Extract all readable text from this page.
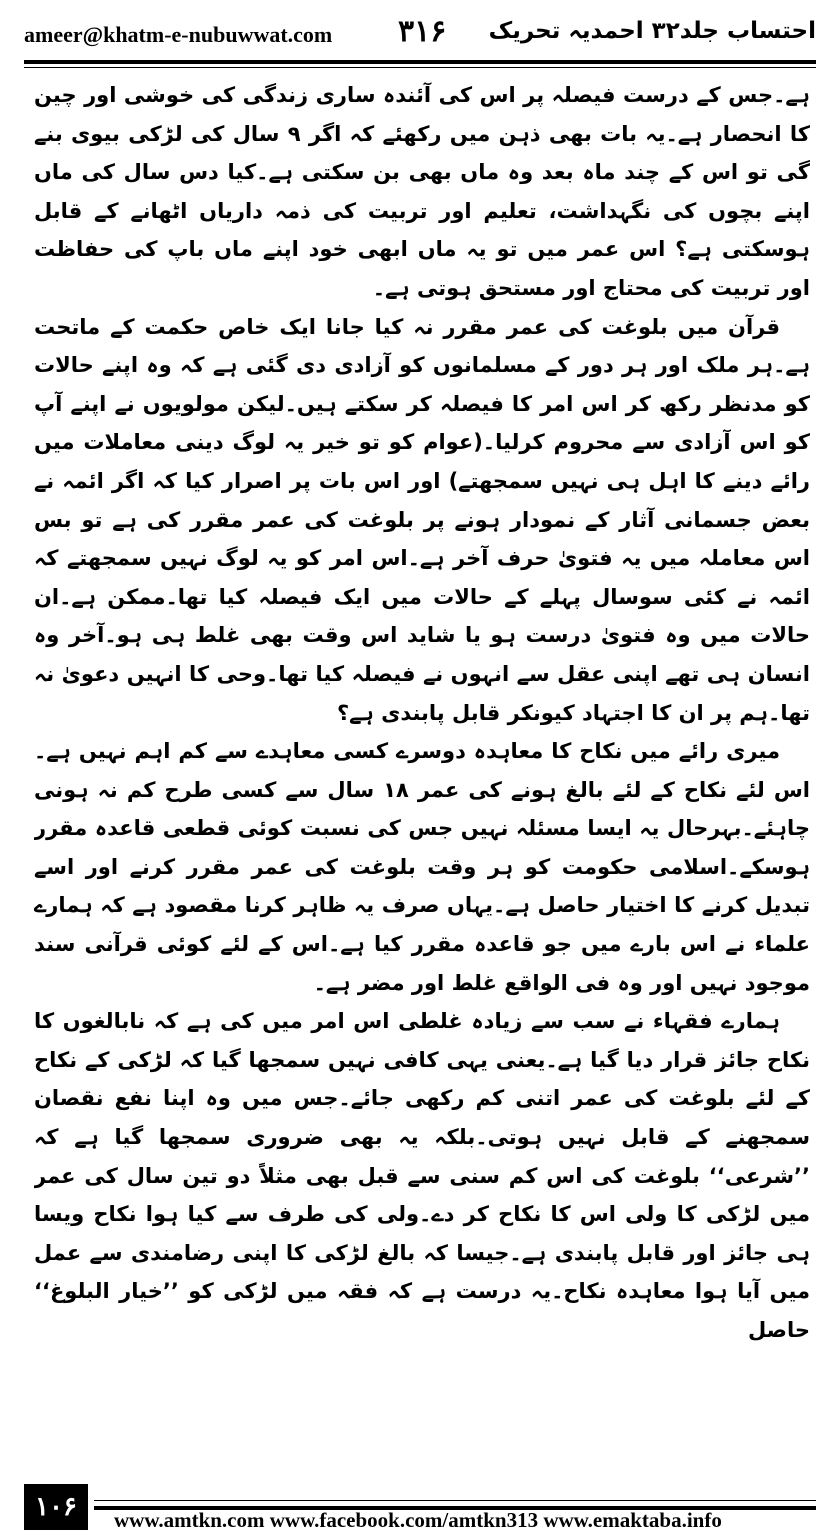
ameer@khatm-e-nubuwwat.com ۳۱۶ احتساب جلد۳۲ احمدیہ تحریک

ہے۔جس کے درست فیصلہ پر اس کی آئندہ ساری زندگی کی خوشی اور چین کا انحصار ہے۔یہ بات بھی ذہن میں رکھئے کہ اگر ۹ سال کی لڑکی بیوی بنے گی تو اس کے چند ماہ بعد وہ ماں بھی بن سکتی ہے۔کیا دس سال کی ماں اپنے بچوں کی نگہداشت، تعلیم اور تربیت کی ذمہ داریاں اٹھانے کے قابل ہوسکتی ہے؟ اس عمر میں تو یہ ماں ابھی خود اپنے ماں باپ کی حفاظت اور تربیت کی محتاج اور مستحق ہوتی ہے۔

قرآن میں بلوغت کی عمر مقرر نہ کیا جانا ایک خاص حکمت کے ماتحت ہے۔ہر ملک اور ہر دور کے مسلمانوں کو آزادی دی گئی ہے کہ وہ اپنے حالات کو مدنظر رکھ کر اس امر کا فیصلہ کر سکتے ہیں۔لیکن مولویوں نے اپنے آپ کو اس آزادی سے محروم کرلیا۔(عوام کو تو خیر یہ لوگ دینی معاملات میں رائے دینے کا اہل ہی نہیں سمجھتے) اور اس بات پر اصرار کیا کہ اگر ائمہ نے بعض جسمانی آثار کے نمودار ہونے پر بلوغت کی عمر مقرر کی ہے تو بس اس معاملہ میں یہ فتویٰ حرف آخر ہے۔اس امر کو یہ لوگ نہیں سمجھتے کہ ائمہ نے کئی سوسال پہلے کے حالات میں ایک فیصلہ کیا تھا۔ممکن ہے۔ان حالات میں وہ فتویٰ درست ہو یا شاید اس وقت بھی غلط ہی ہو۔آخر وہ انسان ہی تھے اپنی عقل سے انہوں نے فیصلہ کیا تھا۔وحی کا انہیں دعویٰ نہ تھا۔ہم پر ان کا اجتہاد کیونکر قابل پابندی ہے؟

میری رائے میں نکاح کا معاہدہ دوسرے کسی معاہدے سے کم اہم نہیں ہے۔اس لئے نکاح کے لئے بالغ ہونے کی عمر ۱۸ سال سے کسی طرح کم نہ ہونی چاہئے۔بہرحال یہ ایسا مسئلہ نہیں جس کی نسبت کوئی قطعی قاعدہ مقرر ہوسکے۔اسلامی حکومت کو ہر وقت بلوغت کی عمر مقرر کرنے اور اسے تبدیل کرنے کا اختیار حاصل ہے۔یہاں صرف یہ ظاہر کرنا مقصود ہے کہ ہمارے علماء نے اس بارے میں جو قاعدہ مقرر کیا ہے۔اس کے لئے کوئی قرآنی سند موجود نہیں اور وہ فی الواقع غلط اور مضر ہے۔

ہمارے فقہاء نے سب سے زیادہ غلطی اس امر میں کی ہے کہ نابالغوں کا نکاح جائز قرار دیا گیا ہے۔یعنی یہی کافی نہیں سمجھا گیا کہ لڑکی کے نکاح کے لئے بلوغت کی عمر اتنی کم رکھی جائے۔جس میں وہ اپنا نفع نقصان سمجھنے کے قابل نہیں ہوتی۔بلکہ یہ بھی ضروری سمجھا گیا ہے کہ ’’شرعی‘‘ بلوغت کی اس کم سنی سے قبل بھی مثلاً دو تین سال کی عمر میں لڑکی کا ولی اس کا نکاح کر دے۔ولی کی طرف سے کیا ہوا نکاح ویسا ہی جائز اور قابل پابندی ہے۔جیسا کہ بالغ لڑکی کا اپنی رضامندی سے عمل میں آیا ہوا معاہدہ نکاح۔یہ درست ہے کہ فقہ میں لڑکی کو ’’خیار البلوغ‘‘ حاصل

۱۰۶	www.amtkn.com www.facebook.com/amtkn313 www.emaktaba.info
